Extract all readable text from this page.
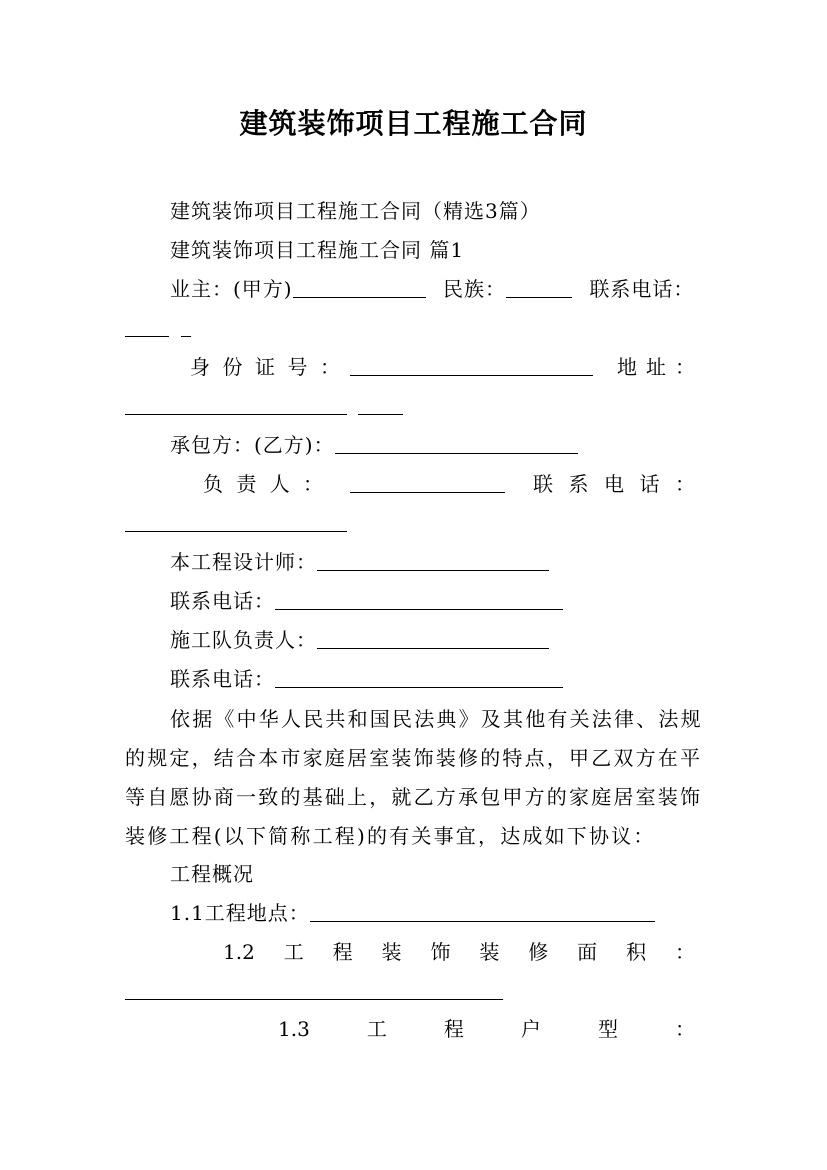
建筑装饰项目工程施工合同
建筑装饰项目工程施工合同（精选3篇）
建筑装饰项目工程施工合同 篇1
业主：(甲方)	民族：	联系电话：
身 份 证 号 ：	地 址 ：
承包方：(乙方)：
负 责 人 ：	联 系 电 话 ：
本工程设计师：
联系电话：
施工队负责人：
联系电话：
依据《中华人民共和国民法典》及其他有关法律、法规的规定，结合本市家庭居室装饰装修的特点，甲乙双方在平等自愿协商一致的基础上，就乙方承包甲方的家庭居室装饰装修工程(以下简称工程)的有关事宜，达成如下协议：
工程概况
1.1工程地点：
1.2 工 程 装 饰 装 修 面 积 ：
1.3	工	程	户	型	：
